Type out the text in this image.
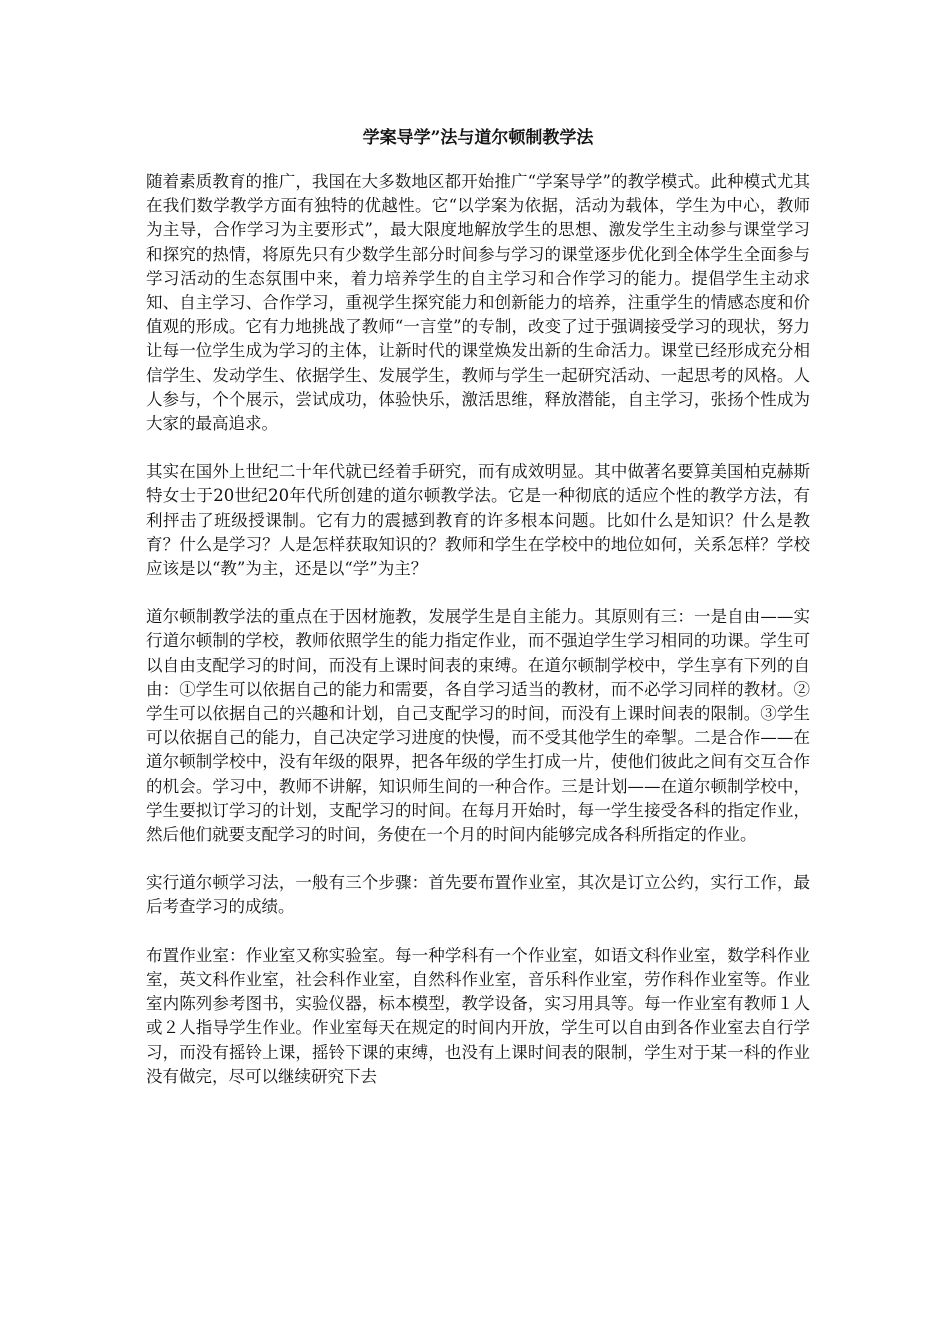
学案导学”法与道尔顿制教学法

随着素质教育的推广，我国在大多数地区都开始推广“学案导学”的教学模式。此种模式尤其在我们数学教学方面有独特的优越性。它“以学案为依据，活动为载体，学生为中心，教师为主导，合作学习为主要形式”，最大限度地解放学生的思想、激发学生主动参与课堂学习和探究的热情，将原先只有少数学生部分时间参与学习的课堂逐步优化到全体学生全面参与学习活动的生态氛围中来，着力培养学生的自主学习和合作学习的能力。提倡学生主动求知、自主学习、合作学习，重视学生探究能力和创新能力的培养，注重学生的情感态度和价值观的形成。它有力地挑战了教师“一言堂”的专制，改变了过于强调接受学习的现状，努力让每一位学生成为学习的主体，让新时代的课堂焕发出新的生命活力。课堂已经形成充分相信学生、发动学生、依据学生、发展学生，教师与学生一起研究活动、一起思考的风格。人人参与，个个展示，尝试成功，体验快乐，激活思维，释放潜能，自主学习，张扬个性成为大家的最高追求。

其实在国外上世纪二十年代就已经着手研究，而有成效明显。其中做著名要算美国柏克赫斯特女士于20世纪20年代所创建的道尔顿教学法。它是一种彻底的适应个性的教学方法，有利抨击了班级授课制。它有力的震撼到教育的许多根本问题。比如什么是知识？什么是教育？什么是学习？人是怎样获取知识的？教师和学生在学校中的地位如何，关系怎样？学校应该是以“教”为主，还是以“学”为主？

道尔顿制教学法的重点在于因材施教，发展学生是自主能力。其原则有三：一是自由——实行道尔顿制的学校，教师依照学生的能力指定作业，而不强迫学生学习相同的功课。学生可以自由支配学习的时间，而没有上课时间表的束缚。在道尔顿制学校中，学生享有下列的自由：①学生可以依据自己的能力和需要，各自学习适当的教材，而不必学习同样的教材。②学生可以依据自己的兴趣和计划，自己支配学习的时间，而没有上课时间表的限制。③学生可以依据自己的能力，自己决定学习进度的快慢，而不受其他学生的牵掣。二是合作——在道尔顿制学校中，没有年级的限界，把各年级的学生打成一片，使他们彼此之间有交互合作的机会。学习中，教师不讲解，知识师生间的一种合作。三是计划——在道尔顿制学校中，学生要拟订学习的计划，支配学习的时间。在每月开始时，每一学生接受各科的指定作业，然后他们就要支配学习的时间，务使在一个月的时间内能够完成各科所指定的作业。

实行道尔顿学习法，一般有三个步骤：首先要布置作业室，其次是订立公约，实行工作，最后考查学习的成绩。

布置作业室：作业室又称实验室。每一种学科有一个作业室，如语文科作业室，数学科作业室，英文科作业室，社会科作业室，自然科作业室，音乐科作业室，劳作科作业室等。作业室内陈列参考图书，实验仪器，标本模型，教学设备，实习用具等。每一作业室有教师１人或２人指导学生作业。作业室每天在规定的时间内开放，学生可以自由到各作业室去自行学习，而没有摇铃上课，摇铃下课的束缚，也没有上课时间表的限制，学生对于某一科的作业没有做完，尽可以继续研究下去
